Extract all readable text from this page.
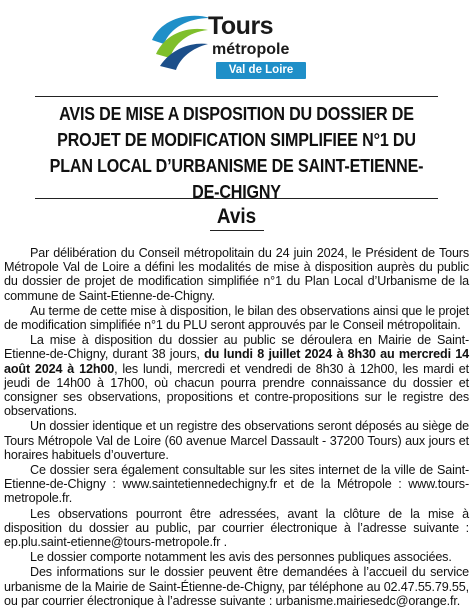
Tours
métropole
Val de Loire
AVIS DE MISE A DISPOSITION DU DOSSIER DE PROJET DE MODIFICATION SIMPLIFIEE N°1 DU PLAN LOCAL D’URBANISME DE SAINT-ETIENNE-DE-CHIGNY
Avis

Par délibération du Conseil métropolitain du 24 juin 2024, le Président de Tours Métropole Val de Loire a défini les modalités de mise à disposition auprès du public du dossier de projet de modification simplifiée n°1 du Plan Local d’Urbanisme de la commune de Saint-Etienne-de-Chigny.

Au terme de cette mise à disposition, le bilan des observations ainsi que le projet de modification simplifiée n°1 du PLU seront approuvés par le Conseil métropolitain.

La mise à disposition du dossier au public se déroulera en Mairie de Saint-Etienne-de-Chigny, durant 38 jours, du lundi 8 juillet 2024 à 8h30 au mercredi 14 août 2024 à 12h00, les lundi, mercredi et vendredi de 8h30 à 12h00, les mardi et jeudi de 14h00 à 17h00, où chacun pourra prendre connaissance du dossier et consigner ses observations, propositions et contre-propositions sur le registre des observations.

Un dossier identique et un registre des observations seront déposés au siège de Tours Métropole Val de Loire (60 avenue Marcel Dassault - 37200 Tours) aux jours et horaires habituels d’ouverture.

Ce dossier sera également consultable sur les sites internet de la ville de Saint-Etienne-de-Chigny : www.saintetiennedechigny.fr et de la Métropole : www.tours-metropole.fr.

Les observations pourront être adressées, avant la clôture de la mise à disposition du dossier au public, par courrier électronique à l’adresse suivante : ep.plu.saint-etienne@tours-metropole.fr .

Le dossier comporte notamment les avis des personnes publiques associées.

Des informations sur le dossier peuvent être demandées à l’accueil du service urbanisme de la Mairie de Saint-Étienne-de-Chigny, par téléphone au 02.47.55.79.55, ou par courrier électronique à l’adresse suivante : urbanisme.mairiesedc@orange.fr.
